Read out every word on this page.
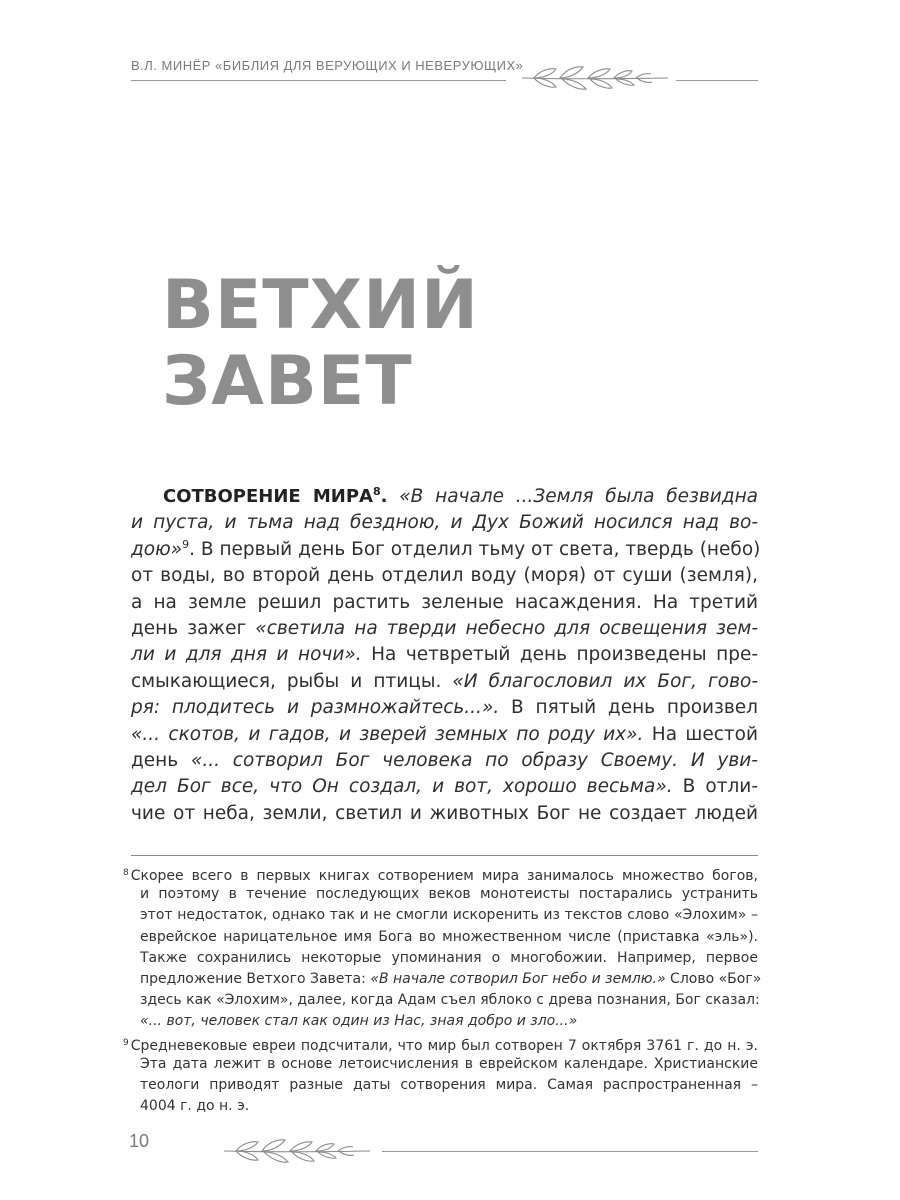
В.Л. МИНЁР «БИБЛИЯ ДЛЯ ВЕРУЮЩИХ И НЕВЕРУЮЩИХ»
ВЕТХИЙ
ЗАВЕТ
СОТВОРЕНИЕ МИРА$^8$. «В начале ...Земля была безвидна
и пуста, и тьма над бездною, и Дух Божий носился над во-
дою»$^9$. В первый день Бог отделил тьму от света, твердь (небо)
от воды, во второй день отделил воду (моря) от суши (земля),
а на земле решил растить зеленые насаждения. На третий
день зажег «светила на тверди небесно для освещения зем-
ли и для дня и ночи». На четвретый день произведены пре-
смыкающиеся, рыбы и птицы. «И благословил их Бог, гово-
ря: плодитесь и размножайтесь...». В пятый день произвел
«... скотов, и гадов, и зверей земных по роду их». На шестой
день «... сотворил Бог человека по образу Своему. И уви-
дел Бог все, что Он создал, и вот, хорошо весьма». В отли-
чие от неба, земли, светил и животных Бог не создает людей
$^8$ Скорее всего в первых книгах сотворением мира занималось множество богов,
и поэтому в течение последующих веков монотеисты постарались устранить
этот недостаток, однако так и не смогли искоренить из текстов слово «Элохим» –
еврейское нарицательное имя Бога во множественном числе (приставка «эль»).
Также сохранились некоторые упоминания о многобожии. Например, первое
предложение Ветхого Завета: «В начале сотворил Бог небо и землю.» Слово «Бог»
здесь как «Элохим», далее, когда Адам съел яблоко с древа познания, Бог сказал:
«... вот, человек стал как один из Нас, зная добро и зло...»
$^9$ Средневековые евреи подсчитали, что мир был сотворен 7 октября 3761 г. до н. э.
Эта дата лежит в основе летоисчисления в еврейском календаре. Христианские
теологи приводят разные даты сотворения мира. Самая распространенная –
4004 г. до н. э.
10
